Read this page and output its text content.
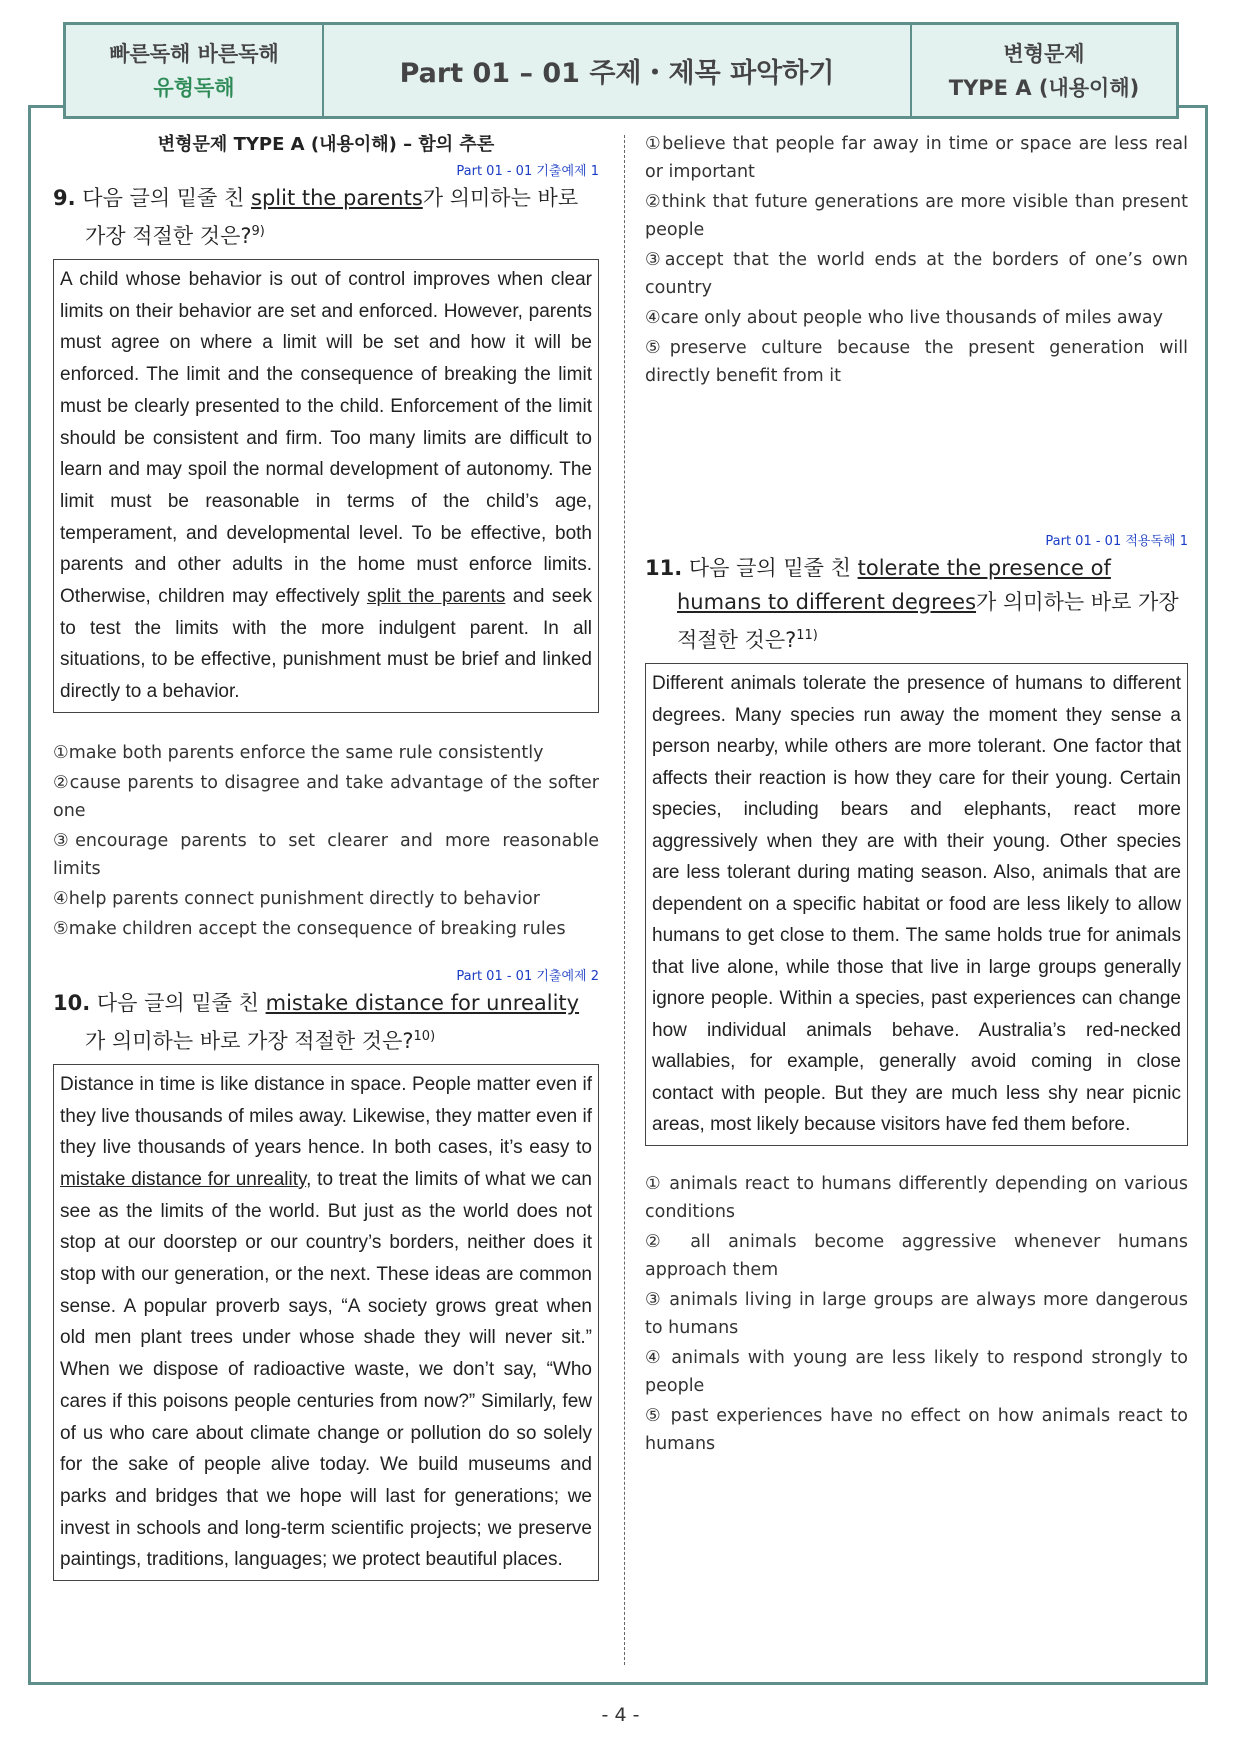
빠른독해 바른독해
유형독해	Part 01 – 01 주제・제목 파악하기
변형문제
TYPE A (내용이해)
변형문제 TYPE A (내용이해) – 함의 추론
Part 01 - 01 기출예제 1

9. 다음 글의 밑줄 친 split the parents가 의미하는 바로 가장 적절한 것은?$^{9)}$

A child whose behavior is out of control improves when clear limits on their behavior are set and enforced. However, parents must agree on where a limit will be set and how it will be enforced. The limit and the consequence of breaking the limit must be clearly presented to the child. Enforcement of the limit should be consistent and firm. Too many limits are difficult to learn and may spoil the normal development of autonomy. The limit must be reasonable in terms of the child’s age, temperament, and developmental level. To be effective, both parents and other adults in the home must enforce limits. Otherwise, children may effectively split the parents and seek to test the limits with the more indulgent parent. In all situations, to be effective, punishment must be brief and linked directly to a behavior.
①make both parents enforce the same rule consistently
②cause parents to disagree and take advantage of the softer one
③encourage parents to set clearer and more reasonable limits
④help parents connect punishment directly to behavior
⑤make children accept the consequence of breaking rules
Part 01 - 01 기출예제 2

10. 다음 글의 밑줄 친 mistake distance for unreality 가 의미하는 바로 가장 적절한 것은?$^{10)}$

Distance in time is like distance in space. People matter even if they live thousands of miles away. Likewise, they matter even if they live thousands of years hence. In both cases, it’s easy to mistake distance for unreality, to treat the limits of what we can see as the limits of the world. But just as the world does not stop at our doorstep or our country’s borders, neither does it stop with our generation, or the next. These ideas are common sense. A popular proverb says, “A society grows great when old men plant trees under whose shade they will never sit.” When we dispose of radioactive waste, we don’t say, “Who cares if this poisons people centuries from now?” Similarly, few of us who care about climate change or pollution do so solely for the sake of people alive today. We build museums and parks and bridges that we hope will last for generations; we invest in schools and long-term scientific projects; we preserve paintings, traditions, languages; we protect beautiful places.
①believe that people far away in time or space are less real or important
②think that future generations are more visible than present people
③accept that the world ends at the borders of one’s own country
④care only about people who live thousands of miles away
⑤preserve culture because the present generation will directly benefit from it
Part 01 - 01 적용독해 1

11. 다음 글의 밑줄 친 tolerate the presence of humans to different degrees가 의미하는 바로 가장 적절한 것은?$^{11)}$

Different animals tolerate the presence of humans to different degrees. Many species run away the moment they sense a person nearby, while others are more tolerant. One factor that affects their reaction is how they care for their young. Certain species, including bears and elephants, react more aggressively when they are with their young. Other species are less tolerant during mating season. Also, animals that are dependent on a specific habitat or food are less likely to allow humans to get close to them. The same holds true for animals that live alone, while those that live in large groups generally ignore people. Within a species, past experiences can change how individual animals behave. Australia’s red-necked wallabies, for example, generally avoid coming in close contact with people. But they are much less shy near picnic areas, most likely because visitors have fed them before.
① animals react to humans differently depending on various conditions
② all animals become aggressive whenever humans approach them
③ animals living in large groups are always more dangerous to humans
④ animals with young are less likely to respond strongly to people
⑤ past experiences have no effect on how animals react to humans
- 4 -
